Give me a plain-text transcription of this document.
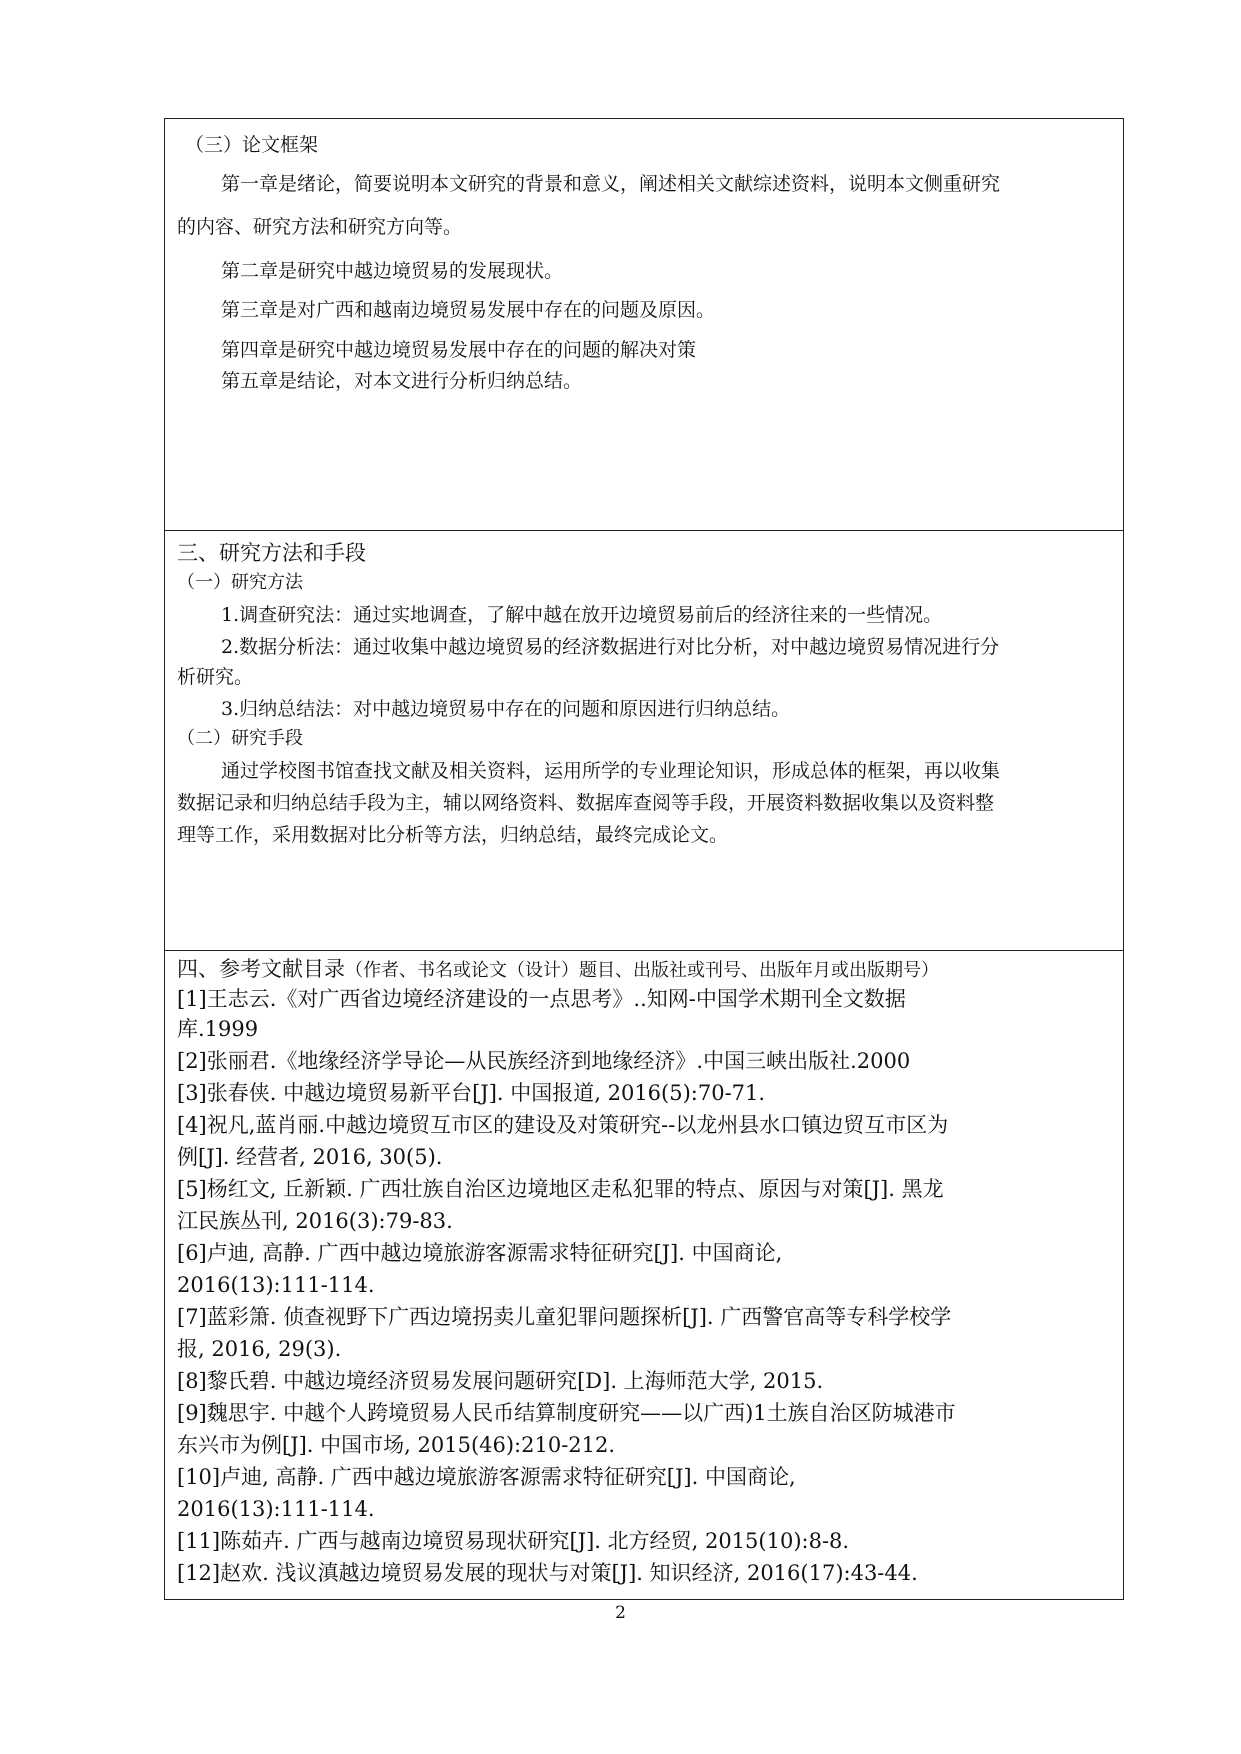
（三）论文框架
第一章是绪论，简要说明本文研究的背景和意义，阐述相关文献综述资料，说明本文侧重研究
的内容、研究方法和研究方向等。
第二章是研究中越边境贸易的发展现状。
第三章是对广西和越南边境贸易发展中存在的问题及原因。
第四章是研究中越边境贸易发展中存在的问题的解决对策
第五章是结论，对本文进行分析归纳总结。
三、研究方法和手段
（一）研究方法
1.调查研究法：通过实地调查，了解中越在放开边境贸易前后的经济往来的一些情况。
2.数据分析法：通过收集中越边境贸易的经济数据进行对比分析，对中越边境贸易情况进行分
析研究。
3.归纳总结法：对中越边境贸易中存在的问题和原因进行归纳总结。
（二）研究手段
通过学校图书馆查找文献及相关资料，运用所学的专业理论知识，形成总体的框架，再以收集
数据记录和归纳总结手段为主，辅以网络资料、数据库查阅等手段，开展资料数据收集以及资料整
理等工作，采用数据对比分析等方法，归纳总结，最终完成论文。
四、参考文献目录（作者、书名或论文（设计）题目、出版社或刊号、出版年月或出版期号）
[1]王志云.《对广西省边境经济建设的一点思考》..知网-中国学术期刊全文数据
库.1999
[2]张丽君.《地缘经济学导论—从民族经济到地缘经济》.中国三峡出版社.2000
[3]张春侠. 中越边境贸易新平台[J]. 中国报道, 2016(5):70-71.
[4]祝凡,蓝肖丽.中越边境贸互市区的建设及对策研究--以龙州县水口镇边贸互市区为
例[J]. 经营者, 2016, 30(5).
[5]杨红文, 丘新颖. 广西壮族自治区边境地区走私犯罪的特点、原因与对策[J]. 黑龙
江民族丛刊, 2016(3):79-83.
[6]卢迪, 高静. 广西中越边境旅游客源需求特征研究[J]. 中国商论,
2016(13):111-114.
[7]蓝彩箫. 侦查视野下广西边境拐卖儿童犯罪问题探析[J]. 广西警官高等专科学校学
报, 2016, 29(3).
[8]黎氏碧. 中越边境经济贸易发展问题研究[D]. 上海师范大学, 2015.
[9]魏思宇. 中越个人跨境贸易人民币结算制度研究——以广西)1土族自治区防城港市
东兴市为例[J]. 中国市场, 2015(46):210-212.
[10]卢迪, 高静. 广西中越边境旅游客源需求特征研究[J]. 中国商论,
2016(13):111-114.
[11]陈茹卉. 广西与越南边境贸易现状研究[J]. 北方经贸, 2015(10):8-8.
[12]赵欢. 浅议滇越边境贸易发展的现状与对策[J]. 知识经济, 2016(17):43-44.
2
